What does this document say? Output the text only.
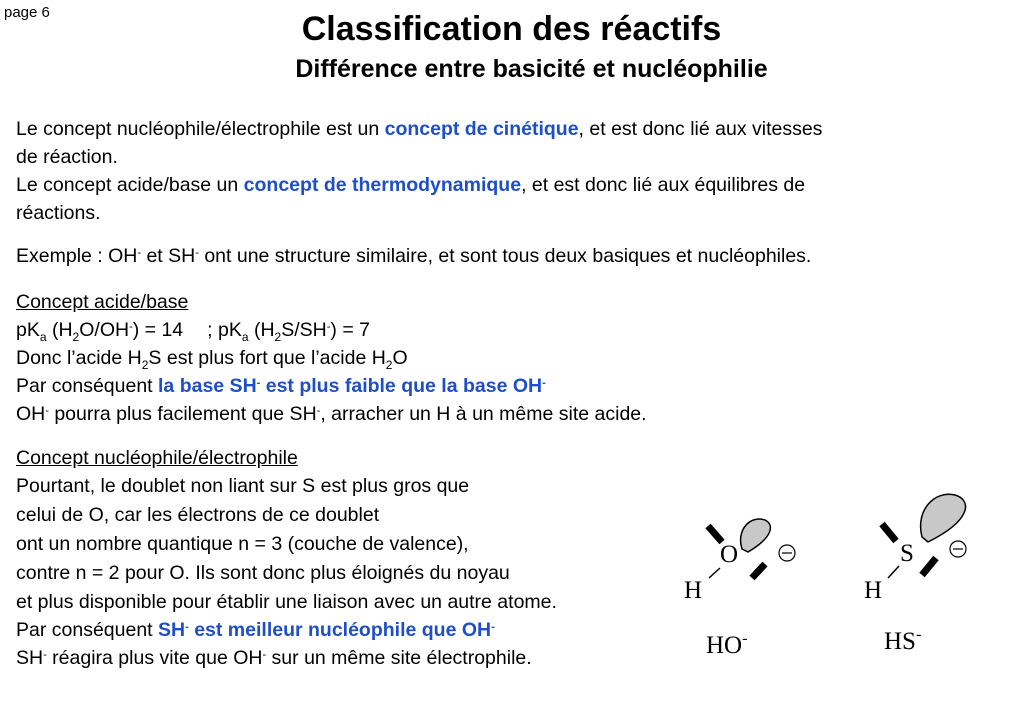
page 6	Classification des réactifs
Différence entre basicité et nucléophilie
Le concept nucléophile/électrophile est un concept de cinétique, et est donc lié aux vitesses
de réaction.
Le concept acide/base un concept de thermodynamique, et est donc lié aux équilibres de
réactions.
Exemple : OH- et SH- ont une structure similaire, et sont tous deux basiques et nucléophiles.
Concept acide/base
$pK_a$ $(H_2O/OH^-) = 14$ ; $pK_a$ $(H_2S/SH^-) = 7$
Donc l’acide $H_2S$ est plus fort que l’acide $H_2O$
Par conséquent la base SH- est plus faible que la base OH-
OH- pourra plus facilement que SH-, arracher un H à un même site acide.
Concept nucléophile/électrophile
Pourtant, le doublet non liant sur S est plus gros que
celui de O, car les électrons de ce doublet
ont un nombre quantique n = 3 (couche de valence),
contre n = 2 pour O. Ils sont donc plus éloignés du noyau
et plus disponible pour établir une liaison avec un autre atome.
Par conséquent SH- est meilleur nucléophile que OH-
SH- réagira plus vite que OH- sur un même site électrophile.
O
H
HO-
S
H
HS-
